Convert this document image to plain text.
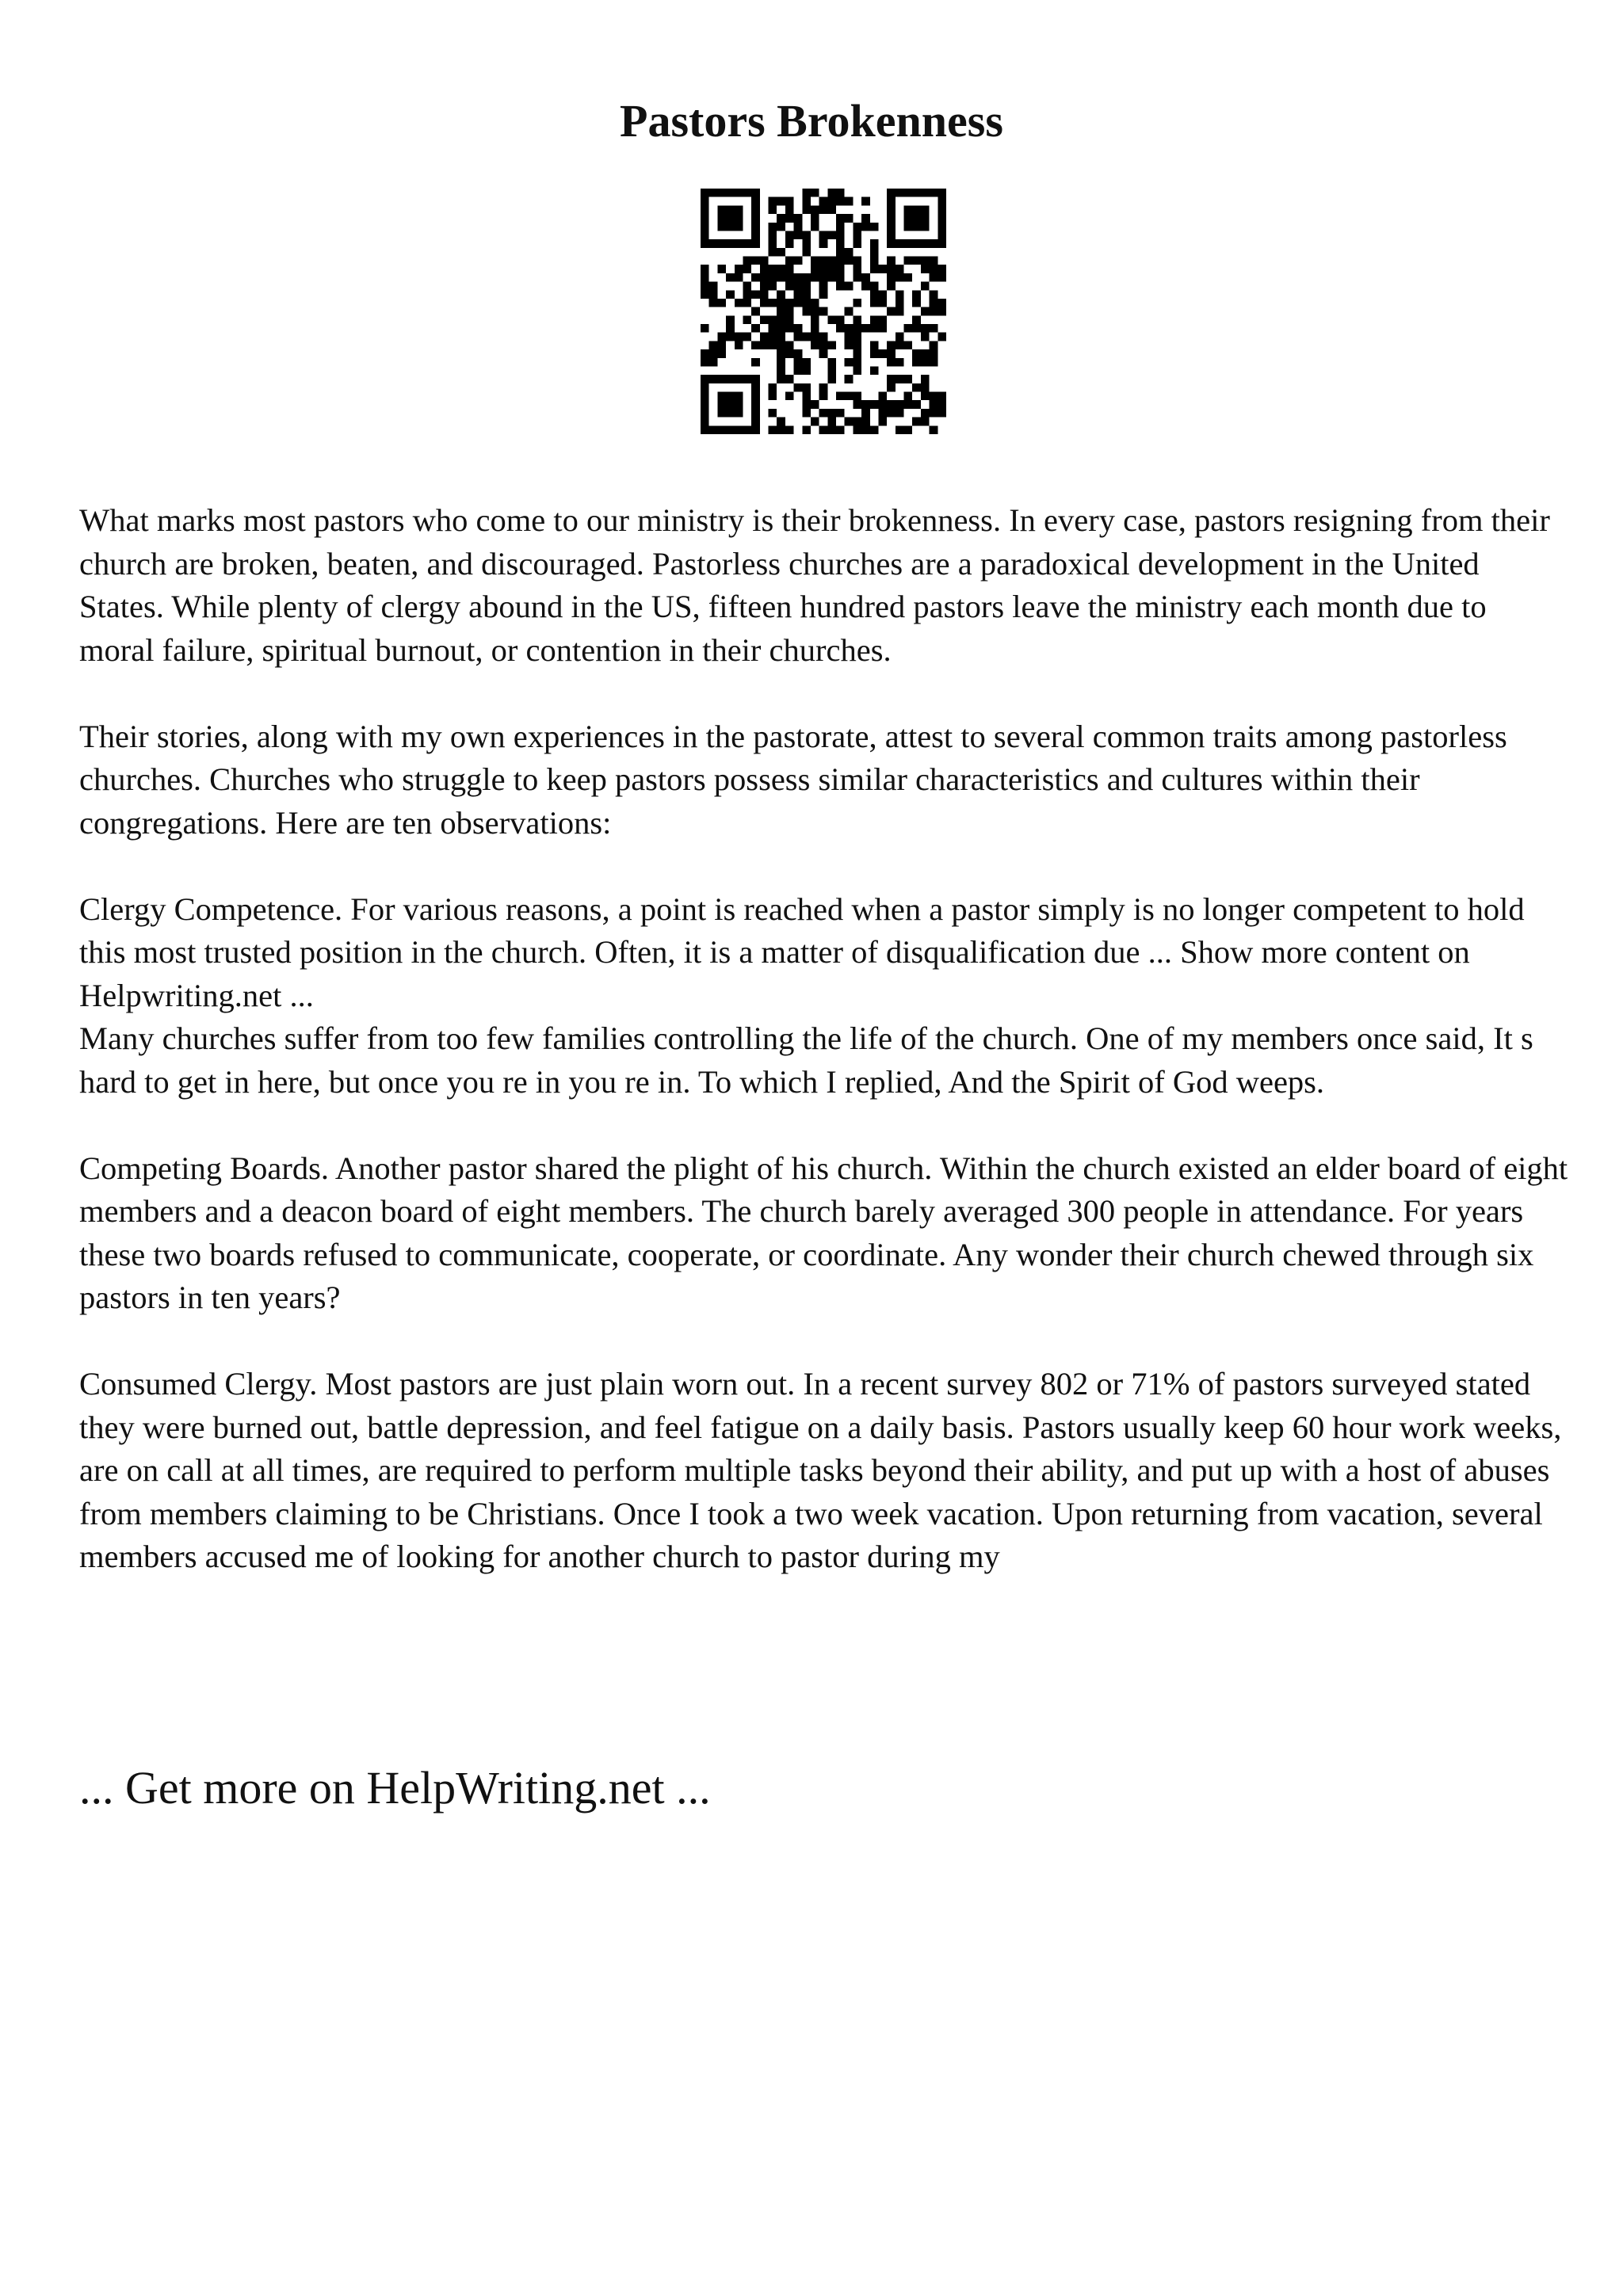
Pastors Brokenness

What marks most pastors who come to our ministry is their brokenness. In every case, pastors resigning from their church are broken, beaten, and discouraged. Pastorless churches are a paradoxical development in the United States. While plenty of clergy abound in the US, fifteen hundred pastors leave the ministry each month due to moral failure, spiritual burnout, or contention in their churches.

Their stories, along with my own experiences in the pastorate, attest to several common traits among pastorless churches. Churches who struggle to keep pastors possess similar characteristics and cultures within their congregations. Here are ten observations:

Clergy Competence. For various reasons, a point is reached when a pastor simply is no longer competent to hold this most trusted position in the church. Often, it is a matter of disqualification due ... Show more content on Helpwriting.net ...

Many churches suffer from too few families controlling the life of the church. One of my members once said, It s hard to get in here, but once you re in you re in. To which I replied, And the Spirit of God weeps.

Competing Boards. Another pastor shared the plight of his church. Within the church existed an elder board of eight members and a deacon board of eight members. The church barely averaged 300 people in attendance. For years these two boards refused to communicate, cooperate, or coordinate. Any wonder their church chewed through six pastors in ten years?

Consumed Clergy. Most pastors are just plain worn out. In a recent survey 802 or 71% of pastors surveyed stated they were burned out, battle depression, and feel fatigue on a daily basis. Pastors usually keep 60 hour work weeks, are on call at all times, are required to perform multiple tasks beyond their ability, and put up with a host of abuses from members claiming to be Christians. Once I took a two week vacation. Upon returning from vacation, several members accused me of looking for another church to pastor during my

... Get more on HelpWriting.net ...
